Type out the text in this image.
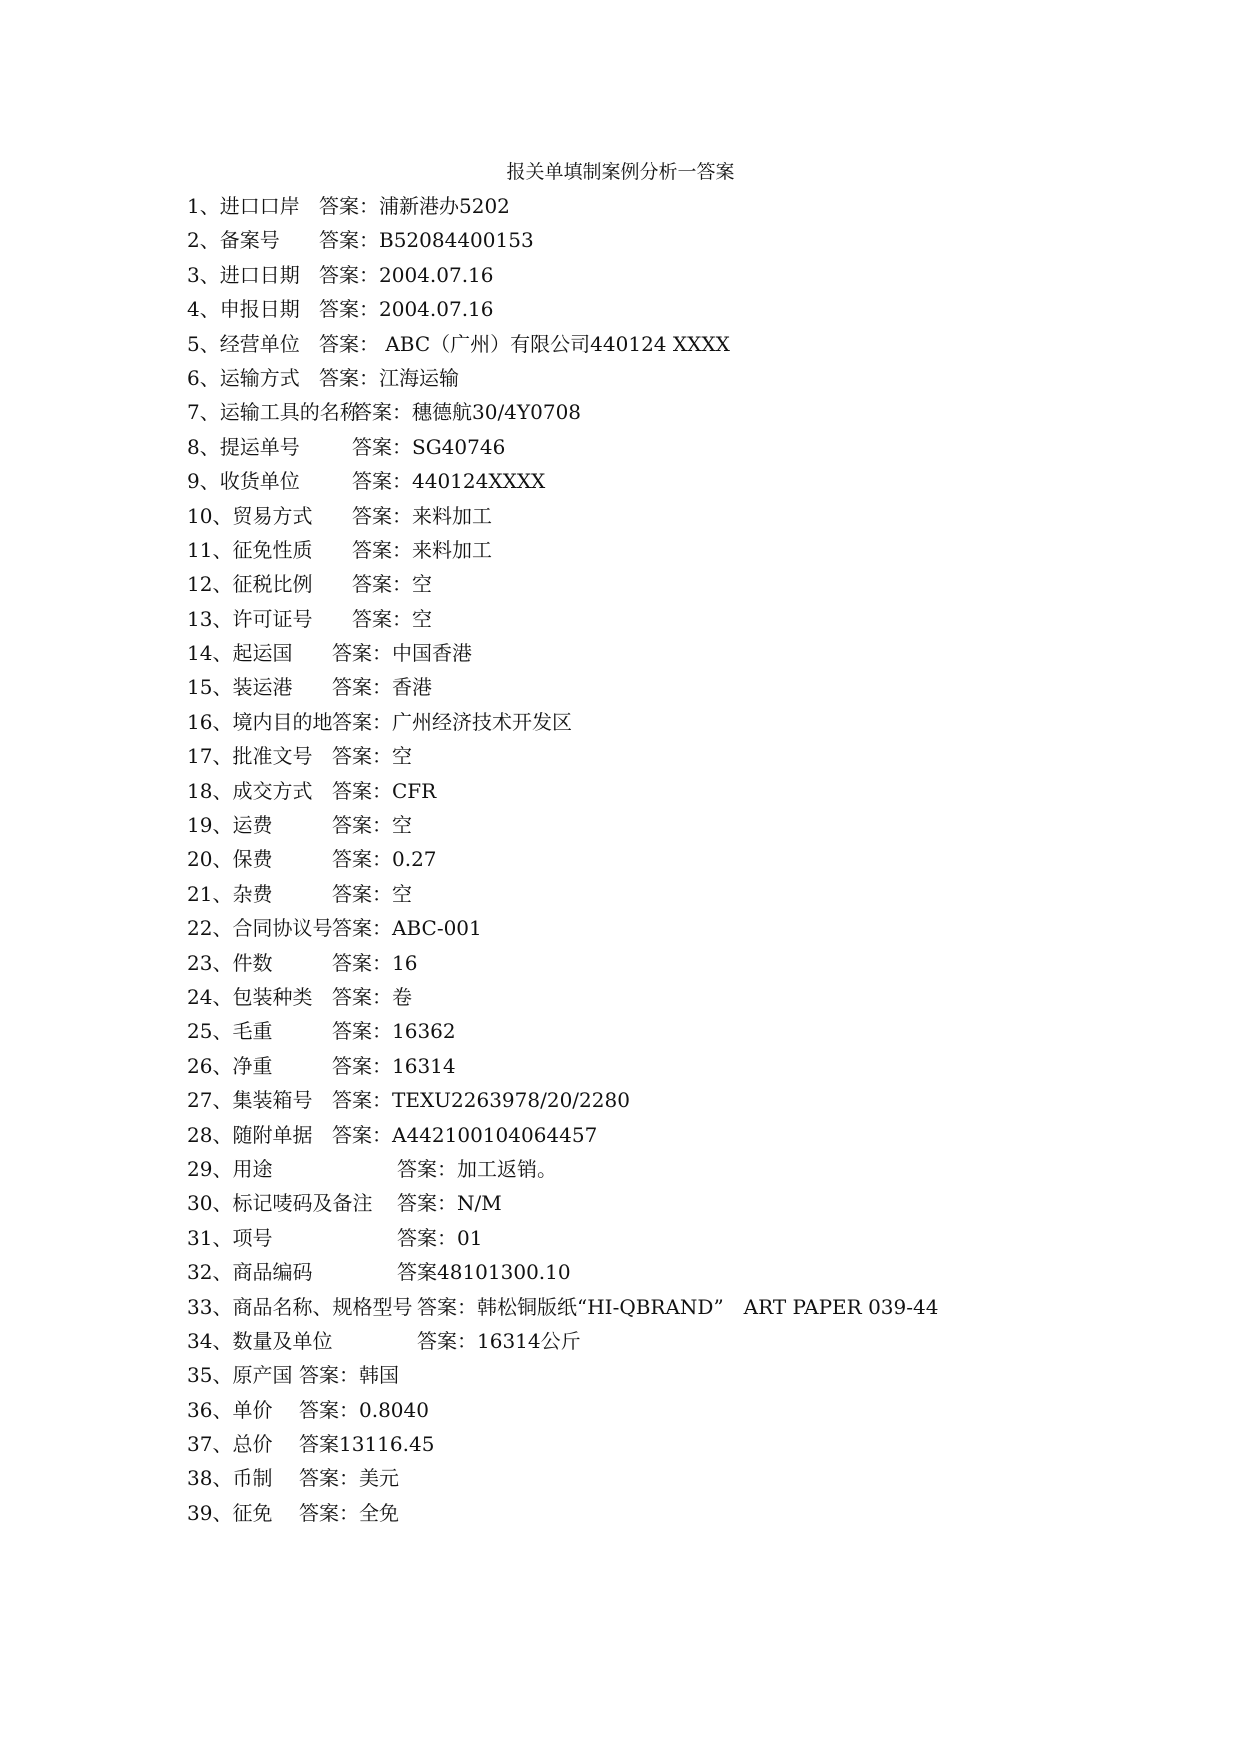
报关单填制案例分析一答案
1、进口口岸 答案：浦新港办5202
2、备案号 答案：B52084400153
3、进口日期 答案：2004.07.16
4、申报日期 答案：2004.07.16
5、经营单位 答案： ABC（广州）有限公司440124 XXXX
6、运输方式 答案：江海运输
7、运输工具的名称
答案：穗德航30/4Y0708
8、提运单号	答案：SG40746
9、收货单位	答案：440124XXXX
10、贸易方式 答案：来料加工
11、征免性质 答案：来料加工
12、征税比例 答案：空
13、许可证号 答案：空
14、起运国 答案：中国香港
15、装运港 答案：香港
16、境内目的地 答案：广州经济技术开发区
17、批准文号 答案：空
18、成交方式 答案：CFR
19、运费	答案：空
20、保费	答案：0.27
21、杂费	答案：空
22、合同协议号 答案：ABC-001
23、件数	答案：16
24、包装种类 答案：卷
25、毛重	答案：16362
26、净重	答案：16314
27、集装箱号 答案：TEXU2263978/20/2280
28、随附单据 答案：A442100104064457
29、用途	答案：加工返销。
30、标记唛码及备注 答案：N/M
31、项号	答案：01
32、商品编码	答案48101300.10
33、商品名称、规格型号 答案：韩松铜版纸“HI-QBRAND”　ART PAPER 039-44
34、数量及单位	答案：16314公斤
35、原产国 答案：韩国
36、单价 答案：0.8040
37、总价 答案13116.45
38、币制 答案：美元
39、征免 答案：全免
